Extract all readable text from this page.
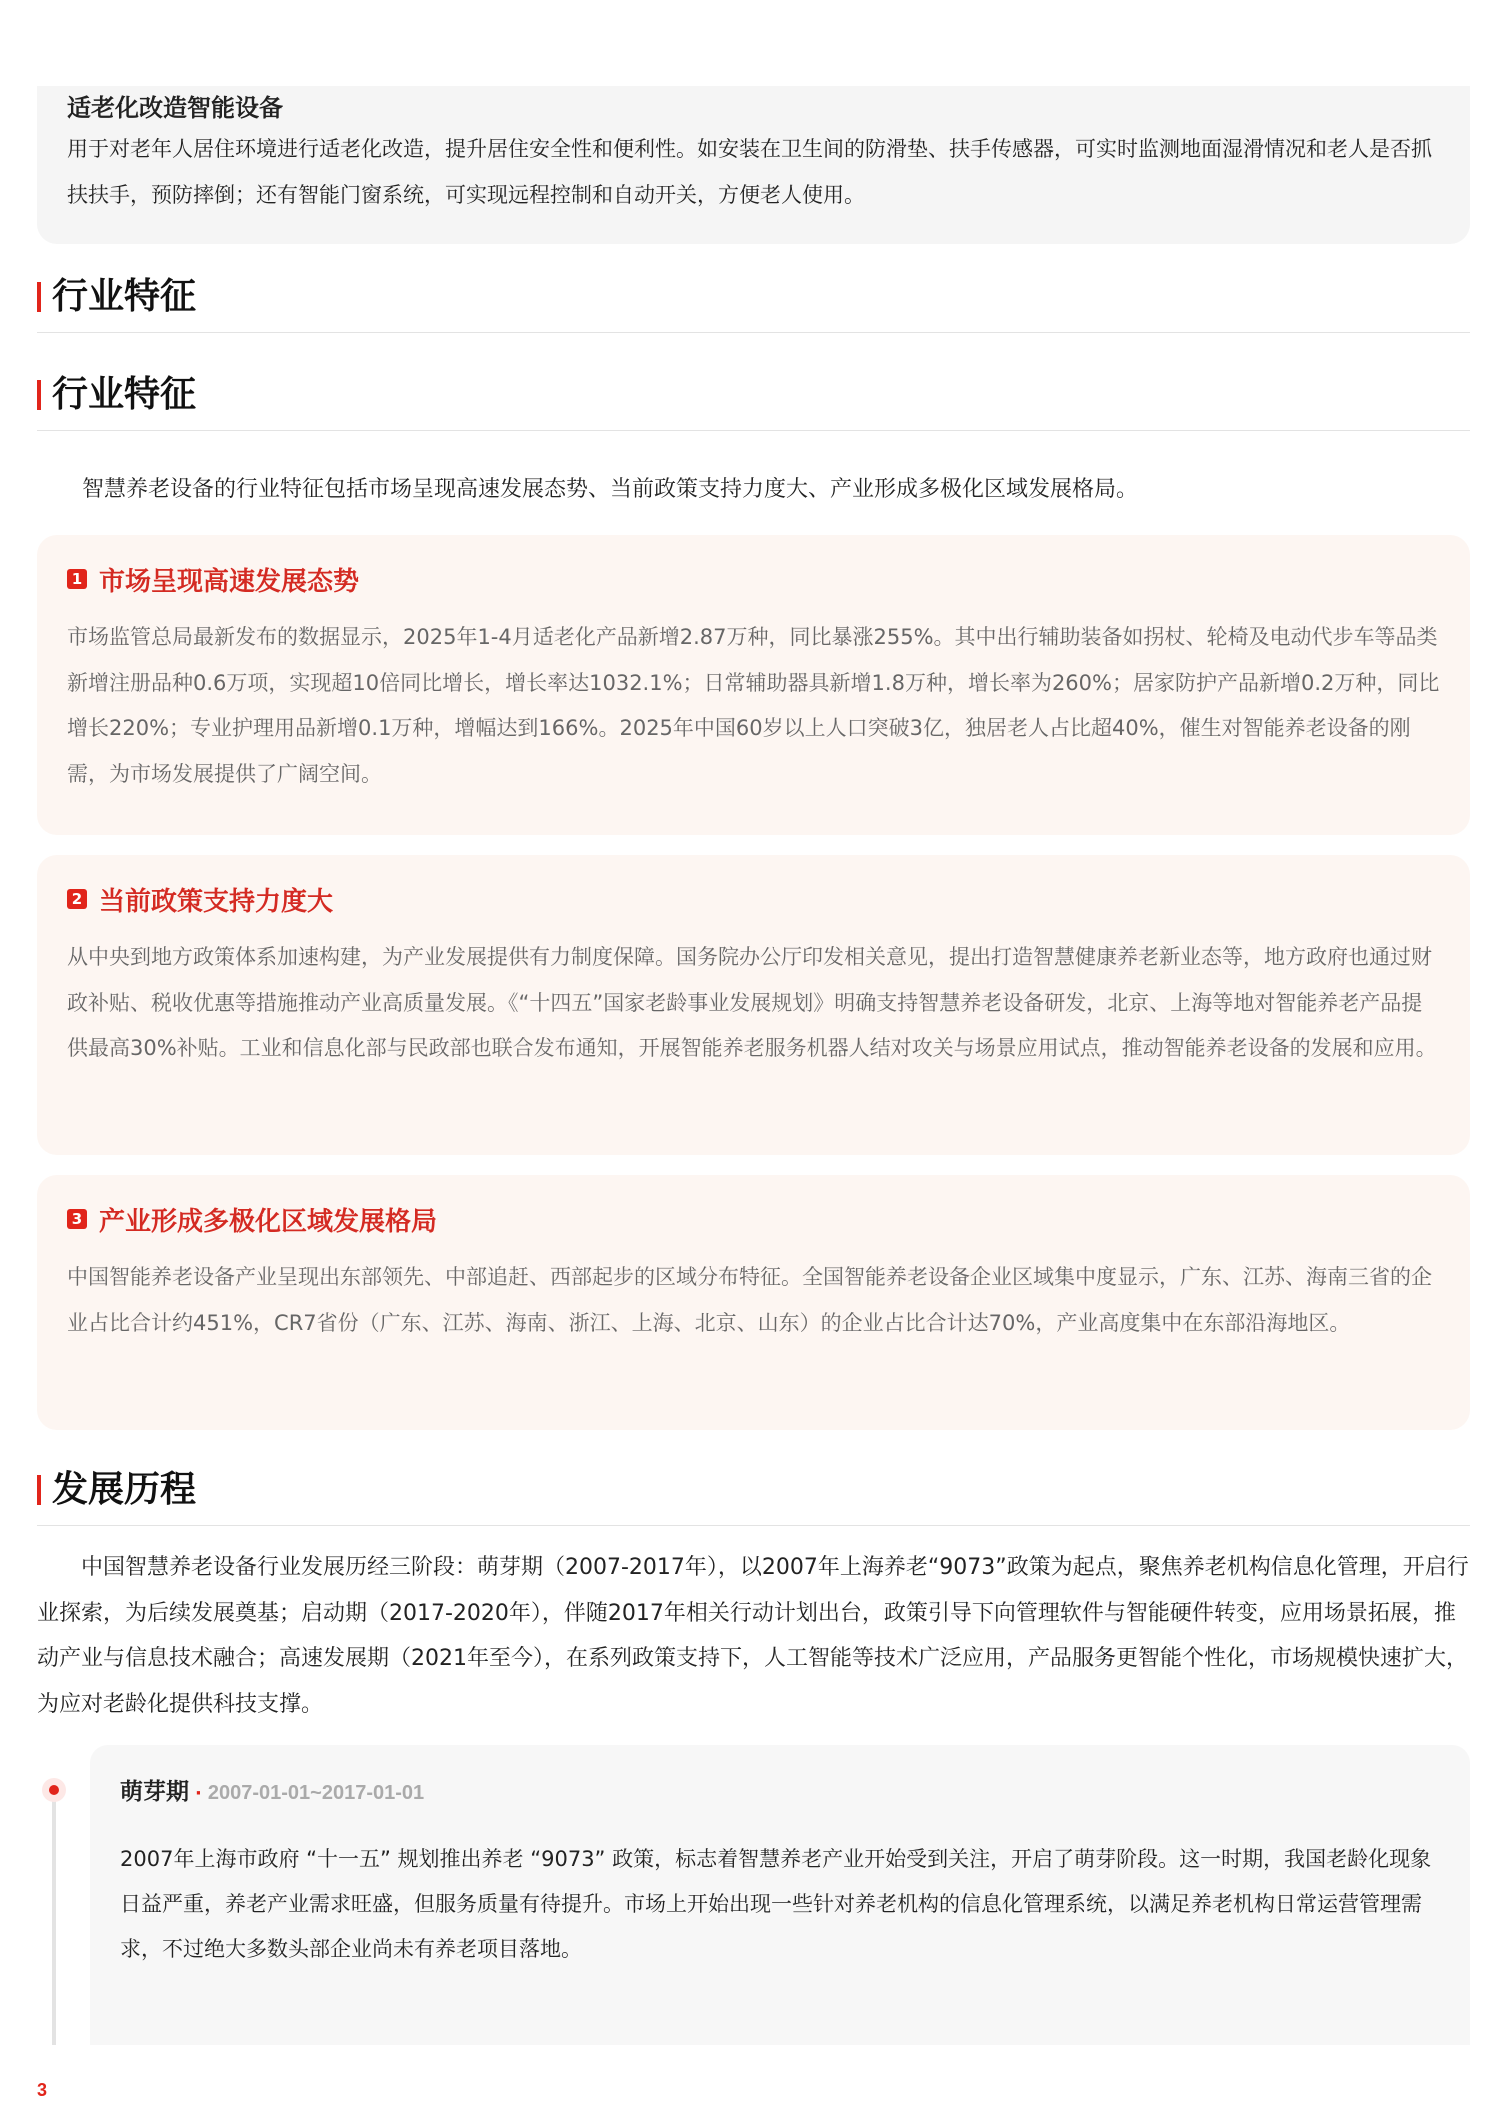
适老化改造智能设备

用于对老年人居住环境进行适老化改造，提升居住安全性和便利性。如安装在卫生间的防滑垫、扶手传感器，可实时监测地面湿滑情况和老人是否抓扶扶手，预防摔倒；还有智能门窗系统，可实现远程控制和自动开关，方便老人使用。

行业特征
行业特征

智慧养老设备的行业特征包括市场呈现高速发展态势、当前政策支持力度大、产业形成多极化区域发展格局。

1 市场呈现高速发展态势

市场监管总局最新发布的数据显示，2025年1-4月适老化产品新增2.87万种，同比暴涨255%。其中出行辅助装备如拐杖、轮椅及电动代步车等品类新增注册品种0.6万项，实现超10倍同比增长，增长率达1032.1%；日常辅助器具新增1.8万种，增长率为260%；居家防护产品新增0.2万种，同比增长220%；专业护理用品新增0.1万种，增幅达到166%。2025年中国60岁以上人口突破3亿，独居老人占比超40%，催生对智能养老设备的刚需，为市场发展提供了广阔空间。

2 当前政策支持力度大

从中央到地方政策体系加速构建，为产业发展提供有力制度保障。国务院办公厅印发相关意见，提出打造智慧健康养老新业态等，地方政府也通过财政补贴、税收优惠等措施推动产业高质量发展。《“十四五”国家老龄事业发展规划》明确支持智慧养老设备研发，北京、上海等地对智能养老产品提供最高30%补贴。工业和信息化部与民政部也联合发布通知，开展智能养老服务机器人结对攻关与场景应用试点，推动智能养老设备的发展和应用。

3 产业形成多极化区域发展格局

中国智能养老设备产业呈现出东部领先、中部追赶、西部起步的区域分布特征。全国智能养老设备企业区域集中度显示，广东、江苏、海南三省的企业占比合计约451%，CR7省份（广东、江苏、海南、浙江、上海、北京、山东）的企业占比合计达70%，产业高度集中在东部沿海地区。

发展历程

中国智慧养老设备行业发展历经三阶段：萌芽期（2007-2017年），以2007年上海养老“9073”政策为起点，聚焦养老机构信息化管理，开启行业探索，为后续发展奠基；启动期（2017-2020年），伴随2017年相关行动计划出台，政策引导下向管理软件与智能硬件转变，应用场景拓展，推动产业与信息技术融合；高速发展期（2021年至今），在系列政策支持下，人工智能等技术广泛应用，产品服务更智能个性化，市场规模快速扩大，为应对老龄化提供科技支撑。

萌芽期 · 2007-01-01~2017-01-01

2007年上海市政府 “十一五” 规划推出养老 “9073” 政策，标志着智慧养老产业开始受到关注，开启了萌芽阶段。这一时期，我国老龄化现象日益严重，养老产业需求旺盛，但服务质量有待提升。市场上开始出现一些针对养老机构的信息化管理系统，以满足养老机构日常运营管理需求，不过绝大多数头部企业尚未有养老项目落地。

3
